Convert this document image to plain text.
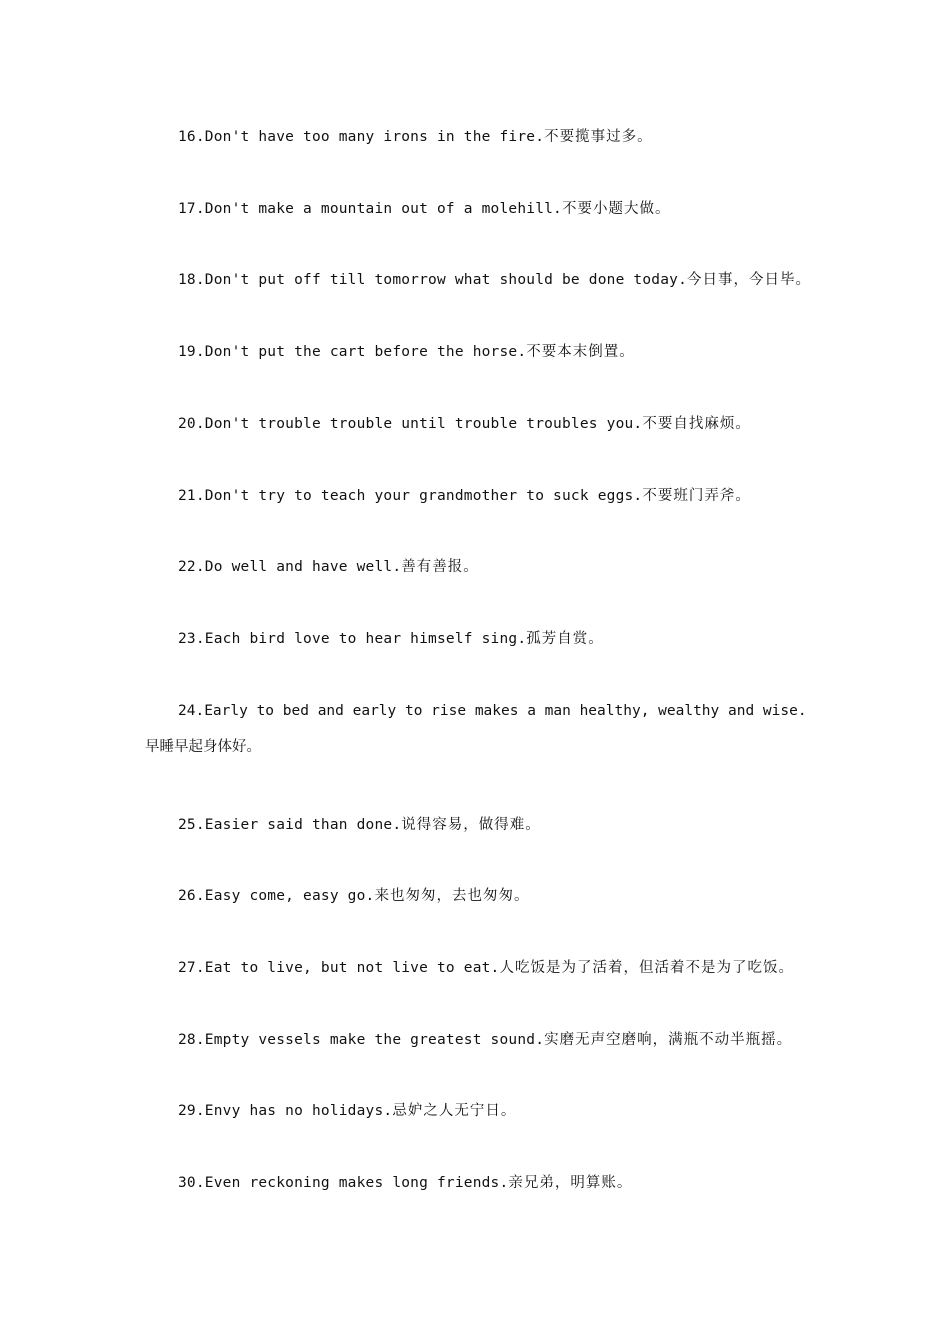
16.Don't have too many irons in the fire.不要揽事过多。
17.Don't make a mountain out of a molehill.不要小题大做。
18.Don't put off till tomorrow what should be done today.今日事，今日毕。
19.Don't put the cart before the horse.不要本末倒置。
20.Don't trouble trouble until trouble troubles you.不要自找麻烦。
21.Don't try to teach your grandmother to suck eggs.不要班门弄斧。
22.Do well and have well.善有善报。
23.Each bird love to hear himself sing.孤芳自赏。
24.Early to bed and early to rise makes a man healthy, wealthy and wise.早睡早起身体好。
25.Easier said than done.说得容易，做得难。
26.Easy come, easy go.来也匆匆，去也匆匆。
27.Eat to live, but not live to eat.人吃饭是为了活着，但活着不是为了吃饭。
28.Empty vessels make the greatest sound.实磨无声空磨响，满瓶不动半瓶摇。
29.Envy has no holidays.忌妒之人无宁日。
30.Even reckoning makes long friends.亲兄弟，明算账。
